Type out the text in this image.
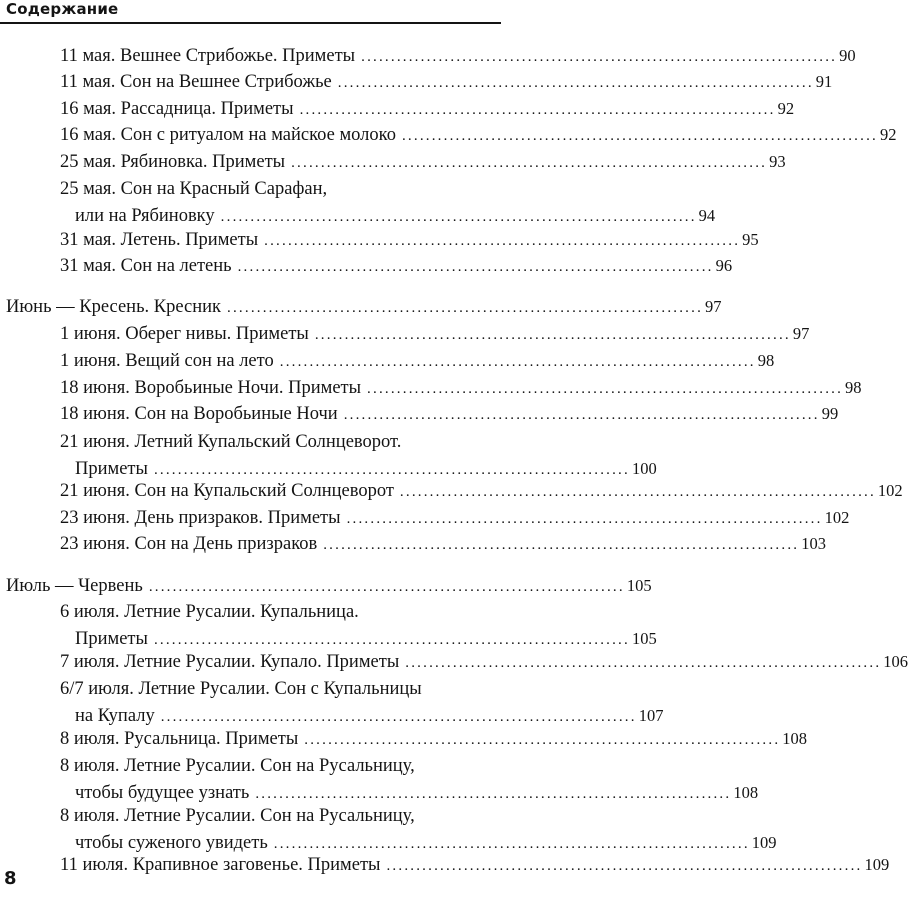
Содержание
11 мая. Вешнее Стрибожье. Приметы ................................................................................ 90
11 мая. Сон на Вешнее Стрибожье ................................................................................ 91
16 мая. Рассадница. Приметы ................................................................................ 92
16 мая. Сон с ритуалом на майское молоко ................................................................................ 92
25 мая. Рябиновка. Приметы ................................................................................ 93
25 мая. Сон на Красный Сарафан,
или на Рябиновку ................................................................................ 94
31 мая. Летень. Приметы ................................................................................ 95
31 мая. Сон на летень ................................................................................ 96
Июнь — Кресень. Кресник ................................................................................ 97
1 июня. Оберег нивы. Приметы ................................................................................ 97
1 июня. Вещий сон на лето ................................................................................ 98
18 июня. Воробьиные Ночи. Приметы ................................................................................ 98
18 июня. Сон на Воробьиные Ночи ................................................................................ 99
21 июня. Летний Купальский Солнцеворот.
Приметы ................................................................................ 100
21 июня. Сон на Купальский Солнцеворот ................................................................................ 102
23 июня. День призраков. Приметы ................................................................................ 102
23 июня. Сон на День призраков ................................................................................ 103
Июль — Червень ................................................................................ 105
6 июля. Летние Русалии. Купальница.
Приметы ................................................................................ 105
7 июля. Летние Русалии. Купало. Приметы ................................................................................ 106
6/7 июля. Летние Русалии. Сон с Купальницы
на Купалу ................................................................................ 107
8 июля. Русальница. Приметы ................................................................................ 108
8 июля. Летние Русалии. Сон на Русальницу,
чтобы будущее узнать ................................................................................ 108
8 июля. Летние Русалии. Сон на Русальницу,
чтобы суженого увидеть ................................................................................ 109
11 июля. Крапивное заговенье. Приметы ................................................................................ 109
8
